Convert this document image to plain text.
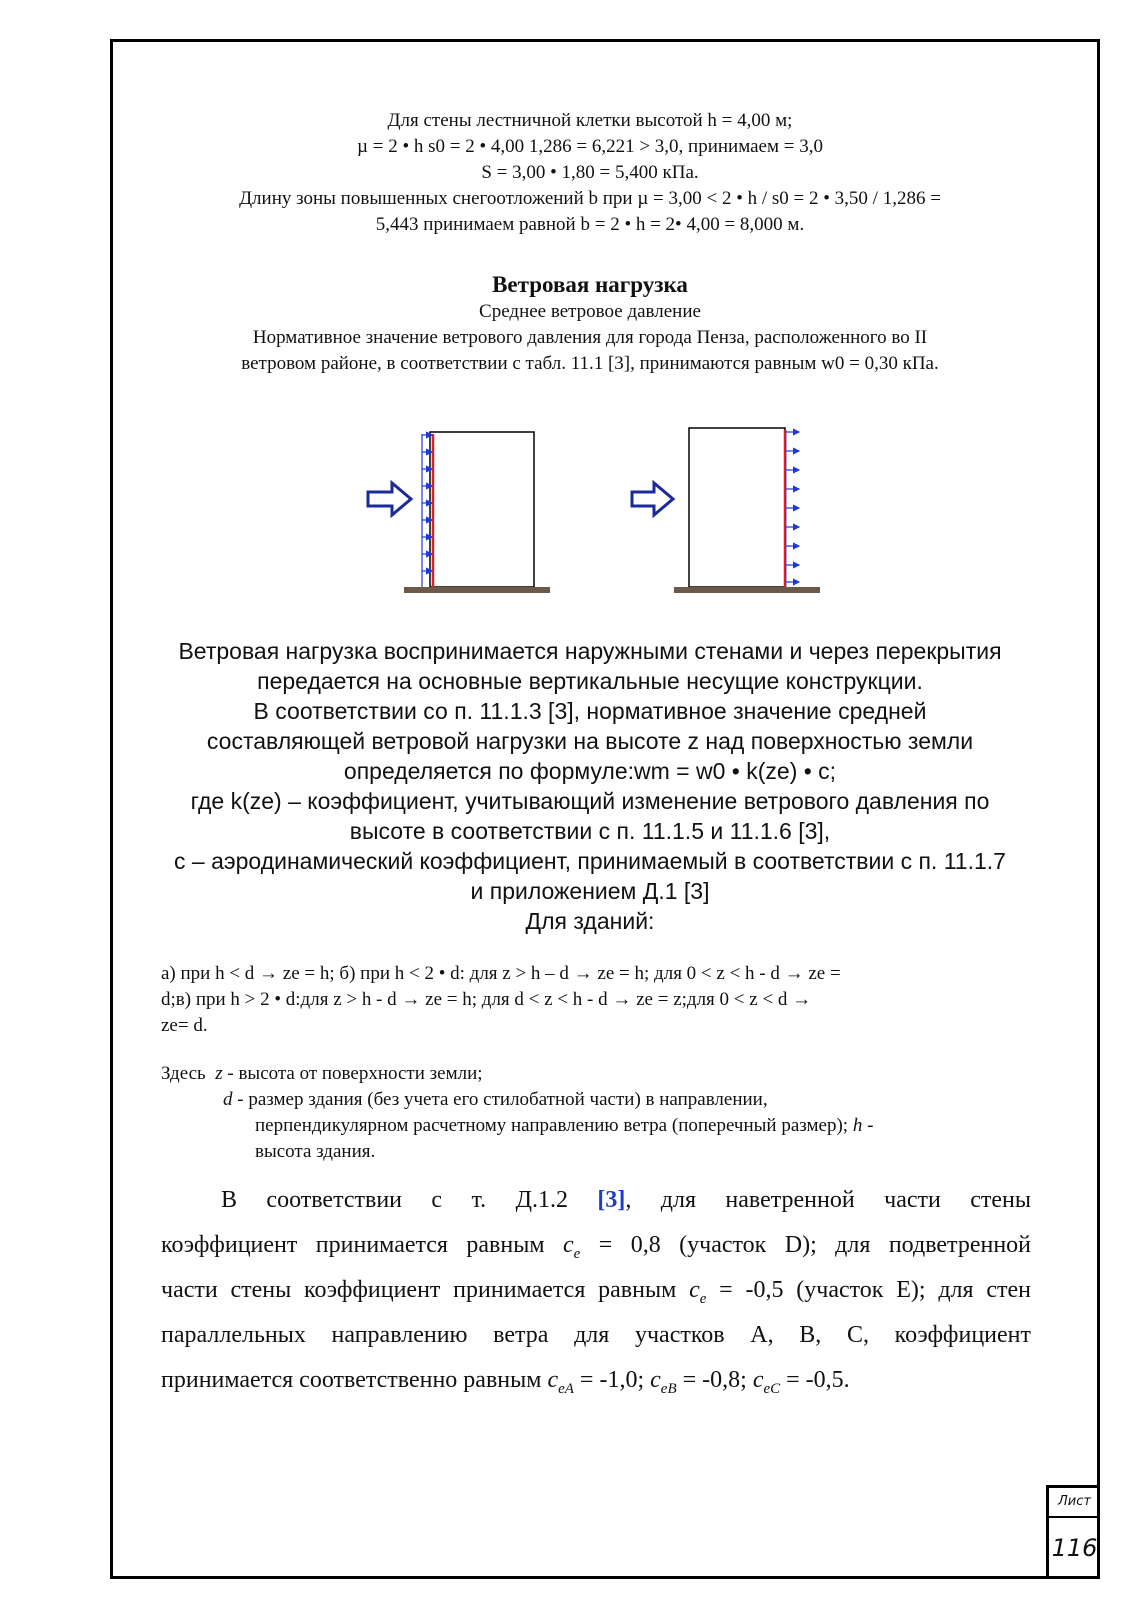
Для стены лестничной клетки высотой h = 4,00 м;

µ = 2 • h s0 = 2 • 4,00 1,286 = 6,221 > 3,0, принимаем = 3,0

S = 3,00 • 1,80 = 5,400 кПа.

Длину зоны повышенных снегоотложений b при µ = 3,00 < 2 • h / s0 = 2 • 3,50 / 1,286 =

5,443 принимаем равной b = 2 • h = 2• 4,00 = 8,000 м.

Ветровая нагрузка

Среднее ветровое давление

Нормативное значение ветрового давления для города Пенза, расположенного во II

ветровом районе, в соответствии с табл. 11.1 [3], принимаются равным w0 = 0,30 кПа.

Ветровая нагрузка воспринимается наружными стенами и через перекрытия

передается на основные вертикальные несущие конструкции.

В соответствии со п. 11.1.3 [3], нормативное значение средней

составляющей ветровой нагрузки на высоте z над поверхностью земли

определяется по формуле:wm = w0 • k(ze) • c;

где k(ze) – коэффициент, учитывающий изменение ветрового давления по

высоте в соответствии с п. 11.1.5 и 11.1.6 [3],

c – аэродинамический коэффициент, принимаемый в соответствии с п. 11.1.7

и приложением Д.1 [3]

Для зданий:

а) при h < d → ze = h; б) при h < 2 • d: для z > h – d → ze = h; для 0 < z < h - d → ze =

d;в) при h > 2 • d:для z > h - d → ze = h; для d < z < h - d → ze = z;для 0 < z < d →

ze= d.

Здесь z - высота от поверхности земли;

d - размер здания (без учета его стилобатной части) в направлении,

перпендикулярном расчетному направлению ветра (поперечный размер); h -

высота здания.

В соответствии с т. Д.1.2 [3], для наветренной части стены

коэффициент принимается равным $c_e = 0,8$ (участок D); для подветренной

части стены коэффициент принимается равным $c_e = -0,5$ (участок E); для стен

параллельных направлению ветра для участков А, В, С, коэффициент

принимается соответственно равным $c_{eA} = -1,0$; $c_{eB} = -0,8$; $c_{eC} = -0,5$.

Лист
116
